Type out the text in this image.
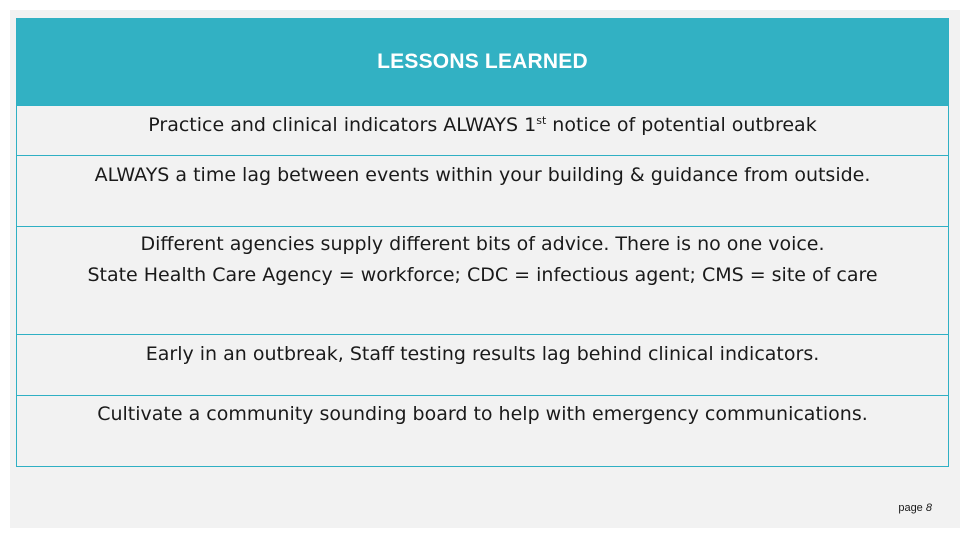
LESSONS LEARNED

Practice and clinical indicators ALWAYS 1st notice of potential outbreak

ALWAYS a time lag between events within your building & guidance from outside.

Different agencies supply different bits of advice. There is no one voice.

State Health Care Agency = workforce; CDC = infectious agent; CMS = site of care

Early in an outbreak, Staff testing results lag behind clinical indicators.

Cultivate a community sounding board to help with emergency communications.

page 8
